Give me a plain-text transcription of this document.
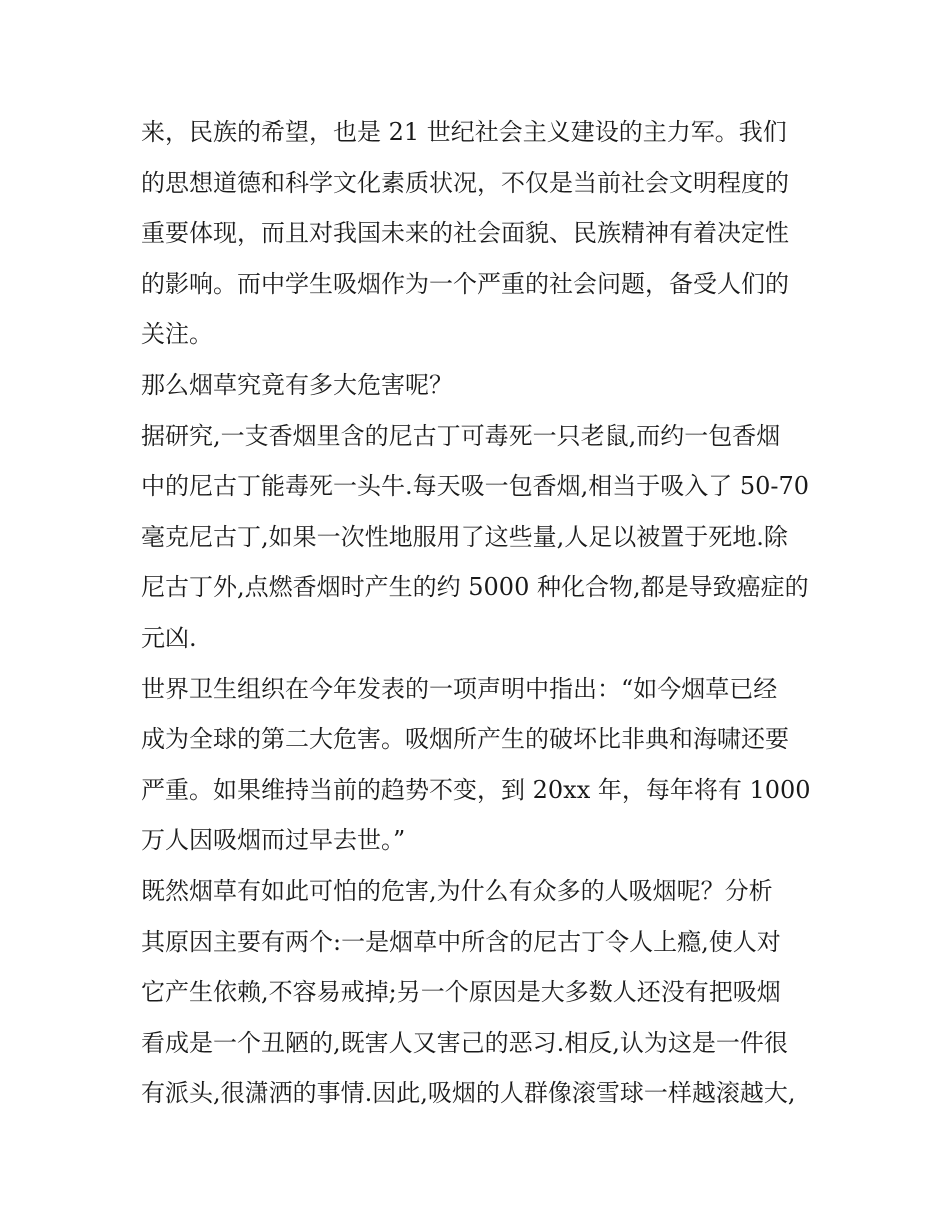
来，民族的希望，也是 21 世纪社会主义建设的主力军。我们
的思想道德和科学文化素质状况，不仅是当前社会文明程度的
重要体现，而且对我国未来的社会面貌、民族精神有着决定性
的影响。而中学生吸烟作为一个严重的社会问题，备受人们的
关注。
那么烟草究竟有多大危害呢？
据研究,一支香烟里含的尼古丁可毒死一只老鼠,而约一包香烟
中的尼古丁能毒死一头牛.每天吸一包香烟,相当于吸入了 50-70
毫克尼古丁,如果一次性地服用了这些量,人足以被置于死地.除
尼古丁外,点燃香烟时产生的约 5000 种化合物,都是导致癌症的
元凶.
世界卫生组织在今年发表的一项声明中指出：“如今烟草已经
成为全球的第二大危害。吸烟所产生的破坏比非典和海啸还要
严重。如果维持当前的趋势不变，到 20xx 年，每年将有 1000
万人因吸烟而过早去世。”
既然烟草有如此可怕的危害,为什么有众多的人吸烟呢？分析
其原因主要有两个:一是烟草中所含的尼古丁令人上瘾,使人对
它产生依赖,不容易戒掉;另一个原因是大多数人还没有把吸烟
看成是一个丑陋的,既害人又害己的恶习.相反,认为这是一件很
有派头,很潇洒的事情.因此,吸烟的人群像滚雪球一样越滚越大,
